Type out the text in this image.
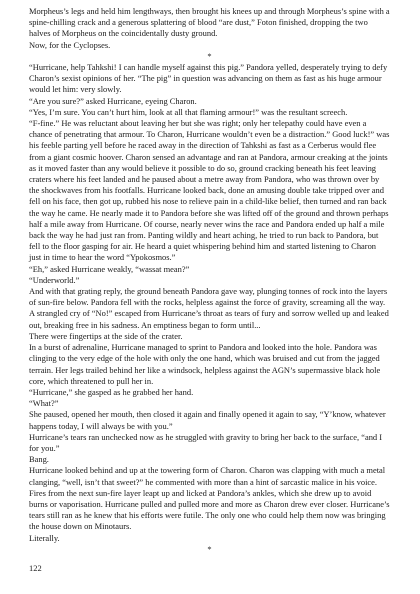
Morpheus’s legs and held him lengthways, then brought his knees up and through Morpheus’s spine with a spine-chilling crack and a generous splattering of blood “are dust,” Foton finished, dropping the two halves of Morpheus on the coincidentally dusty ground.

Now, for the Cyclopses.

*

“Hurricane, help Tahkshi! I can handle myself against this pig.” Pandora yelled, desperately trying to defy Charon’s sexist opinions of her. “The pig” in question was advancing on them as fast as his huge armour would let him: very slowly.

“Are you sure?” asked Hurricane, eyeing Charon.

“Yes, I’m sure. You can’t hurt him, look at all that flaming armour!” was the resultant screech.

“F-fine.” He was reluctant about leaving her but she was right; only her telepathy could have even a chance of penetrating that armour. To Charon, Hurricane wouldn’t even be a distraction.” Good luck!” was his feeble parting yell before he raced away in the direction of Tahkshi as fast as a Cerberus would flee from a giant cosmic hoover. Charon sensed an advantage and ran at Pandora, armour creaking at the joints as it moved faster than any would believe it possible to do so, ground cracking beneath his feet leaving craters where his feet landed and he paused about a metre away from Pandora, who was thrown over by the shockwaves from his footfalls. Hurricane looked back, done an amusing double take tripped over and fell on his face, then got up, rubbed his nose to relieve pain in a child-like belief, then turned and ran back the way he came. He nearly made it to Pandora before she was lifted off of the ground and thrown perhaps half a mile away from Hurricane. Of course, nearly never wins the race and Pandora ended up half a mile back the way he had just ran from. Panting wildly and heart aching, he tried to run back to Pandora, but fell to the floor gasping for air. He heard a quiet whispering behind him and started listening to Charon just in time to hear the word “Ypokosmos.”

“Eh,” asked Hurricane weakly, “wassat mean?”

“Underworld.”

And with that grating reply, the ground beneath Pandora gave way, plunging tonnes of rock into the layers of sun-fire below. Pandora fell with the rocks, helpless against the force of gravity, screaming all the way. A strangled cry of “No!” escaped from Hurricane’s throat as tears of fury and sorrow welled up and leaked out, breaking free in his sadness. An emptiness began to form until...

There were fingertips at the side of the crater.

In a burst of adrenaline, Hurricane managed to sprint to Pandora and looked into the hole. Pandora was clinging to the very edge of the hole with only the one hand, which was bruised and cut from the jagged terrain. Her legs trailed behind her like a windsock, helpless against the AGN’s supermassive black hole core, which threatened to pull her in.

“Hurricane,” she gasped as he grabbed her hand.

“What?”

She paused, opened her mouth, then closed it again and finally opened it again to say, “Y’know, whatever happens today, I will always be with you.”

Hurricane’s tears ran unchecked now as he struggled with gravity to bring her back to the surface, “and I for you.”

Bang.

Hurricane looked behind and up at the towering form of Charon. Charon was clapping with much a metal clanging, “well, isn’t that sweet?” he commented with more than a hint of sarcastic malice in his voice. Fires from the next sun-fire layer leapt up and licked at Pandora’s ankles, which she drew up to avoid burns or vaporisation. Hurricane pulled and pulled more and more as Charon drew ever closer. Hurricane’s tears still ran as he knew that his efforts were futile. The only one who could help them now was bringing the house down on Minotaurs.

Literally.

*

122
